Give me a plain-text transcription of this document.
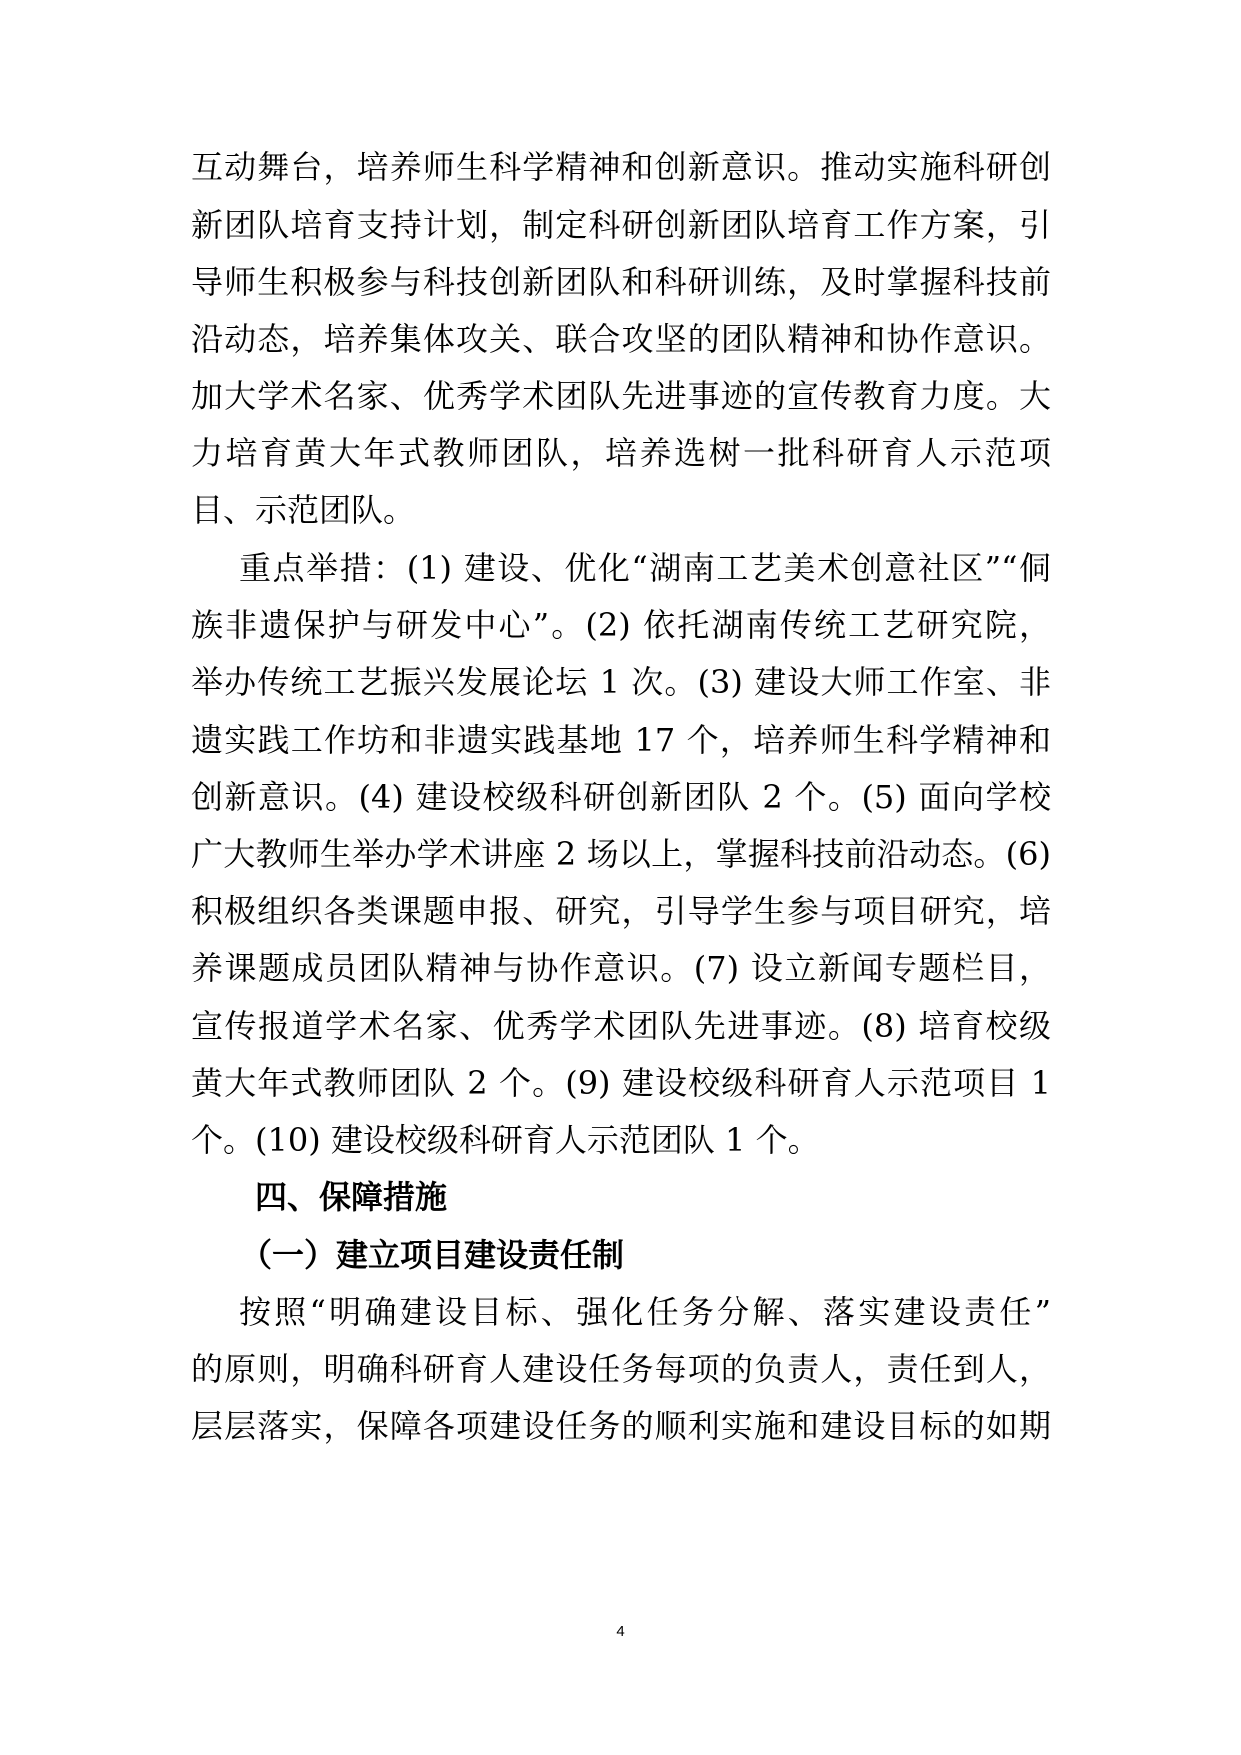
互动舞台，培养师生科学精神和创新意识。推动实施科研创
新团队培育支持计划，制定科研创新团队培育工作方案，引
导师生积极参与科技创新团队和科研训练，及时掌握科技前
沿动态，培养集体攻关、联合攻坚的团队精神和协作意识。
加大学术名家、优秀学术团队先进事迹的宣传教育力度。大
力培育黄大年式教师团队，培养选树一批科研育人示范项
目、示范团队。
重点举措：(1) 建设、优化“湖南工艺美术创意社区”“侗
族非遗保护与研发中心”。(2) 依托湖南传统工艺研究院，
举办传统工艺振兴发展论坛 1 次。(3) 建设大师工作室、非
遗实践工作坊和非遗实践基地 17 个，培养师生科学精神和
创新意识。(4) 建设校级科研创新团队 2 个。(5) 面向学校
广大教师生举办学术讲座 2 场以上，掌握科技前沿动态。(6)
积极组织各类课题申报、研究，引导学生参与项目研究，培
养课题成员团队精神与协作意识。(7) 设立新闻专题栏目，
宣传报道学术名家、优秀学术团队先进事迹。(8) 培育校级
黄大年式教师团队 2 个。(9) 建设校级科研育人示范项目 1
个。(10) 建设校级科研育人示范团队 1 个。
四、保障措施
（一）建立项目建设责任制
按照“明确建设目标、强化任务分解、落实建设责任”
的原则，明确科研育人建设任务每项的负责人，责任到人，
层层落实，保障各项建设任务的顺利实施和建设目标的如期
4
